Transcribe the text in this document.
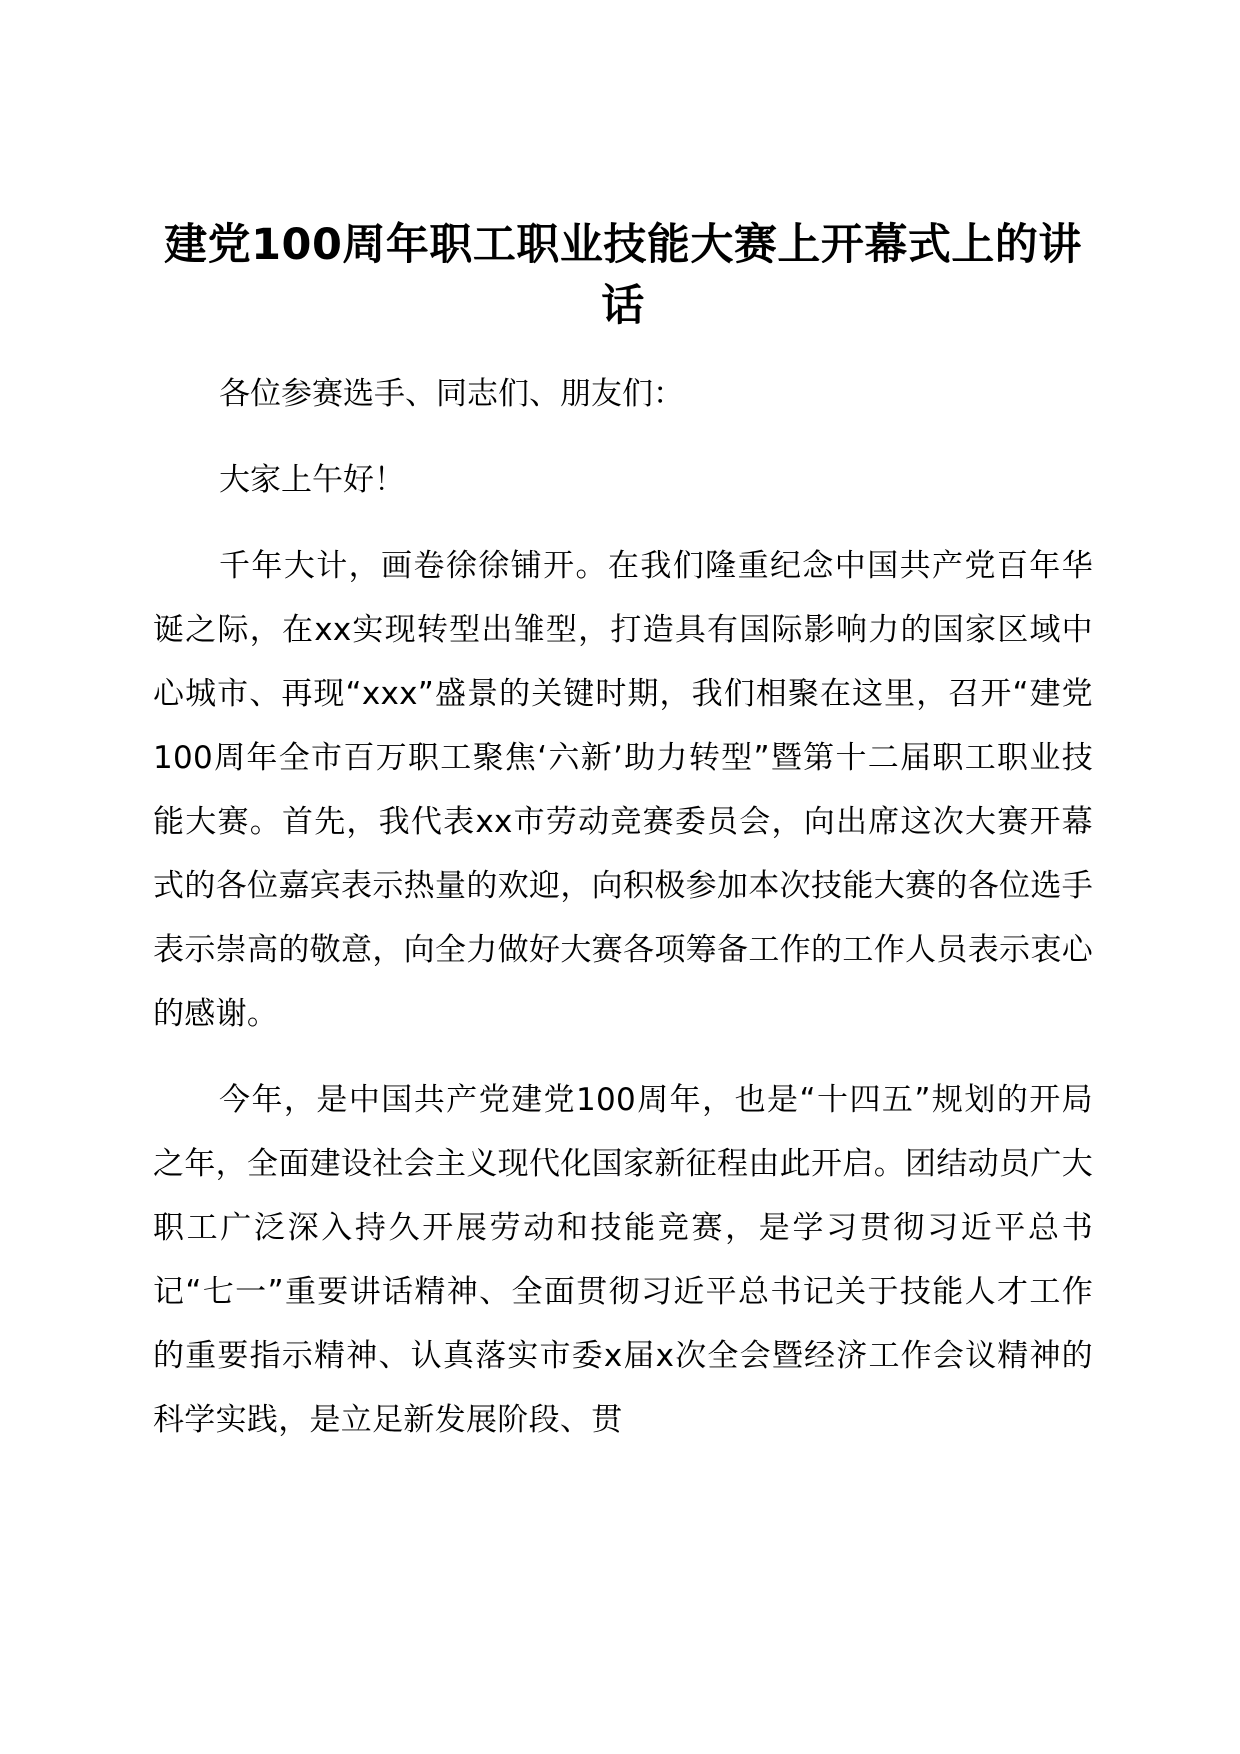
建党100周年职工职业技能大赛上开幕式上的讲话

各位参赛选手、同志们、朋友们：

大家上午好！

千年大计，画卷徐徐铺开。在我们隆重纪念中国共产党百年华诞之际，在xx实现转型出雏型，打造具有国际影响力的国家区域中心城市、再现“xxx”盛景的关键时期，我们相聚在这里，召开“建党100周年全市百万职工聚焦‘六新’助力转型”暨第十二届职工职业技能大赛。首先，我代表xx市劳动竞赛委员会，向出席这次大赛开幕式的各位嘉宾表示热量的欢迎，向积极参加本次技能大赛的各位选手表示崇高的敬意，向全力做好大赛各项筹备工作的工作人员表示衷心的感谢。

今年，是中国共产党建党100周年，也是“十四五”规划的开局之年，全面建设社会主义现代化国家新征程由此开启。团结动员广大职工广泛深入持久开展劳动和技能竞赛，是学习贯彻习近平总书记“七一”重要讲话精神、全面贯彻习近平总书记关于技能人才工作的重要指示精神、认真落实市委x届x次全会暨经济工作会议精神的科学实践，是立足新发展阶段、贯
